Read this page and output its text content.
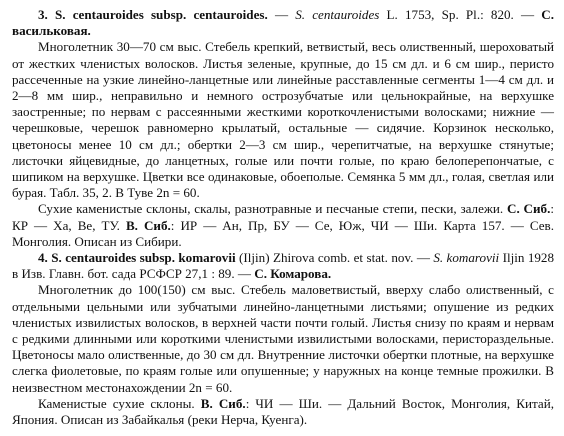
3. S. centauroides subsp. centauroides. — S. centauroides L. 1753, Sp. Pl.: 820. — С. васильковая.

Многолетник 30—70 см выс. Стебель крепкий, ветвистый, весь олиственный, шероховатый от жестких члениcтых волосков. Листья зеленые, крупные, до 15 см дл. и 6 см шир., перисто рассеченные на узкие линейно-ланцетные или линейные расставленные сегменты 1—4 см дл. и 2—8 мм шир., неправильно и немного острозубчатые или цельнокрайные, на верхушке заостренные; по нервам с рассеянными жесткими короткочлениcтыми волосками; нижние — черешковые, черешок равномерно крылатый, остальные — сидячие. Корзинок несколько, цветоносы менее 10 см дл.; обертки 2—3 см шир., черепитчатые, на верхушке стянутые; листочки яйцевидные, до ланцетных, голые или почти голые, по краю белоперепончатые, с шипиком на верхушке. Цветки все одинаковые, обоеполые. Семянка 5 мм дл., голая, светлая или бурая. Табл. 35, 2. В Туве 2n = 60.

Сухие каменистые склоны, скалы, разнотравные и песчаные степи, пески, залежи. С. Сиб.: КР — Ха, Ве, ТУ. В. Сиб.: ИР — Ан, Пр, БУ — Се, Юж, ЧИ — Ши. Карта 157. — Сев. Монголия. Описан из Сибири.

4. S. centauroides subsp. komarovii (Iljin) Zhirova comb. et stat. nov. — S. komarovii Iljin 1928 в Изв. Главн. бот. сада РСФСР 27,1 : 89. — С. Комарова.

Многолетник до 100(150) см выс. Стебель маловетвистый, вверху слабо олиственный, с отдельными цельными или зубчатыми линейно-ланцетными листьями; опушение из редких члениcтых извилистых волосков, в верхней части почти голый. Листья снизу по краям и нервам с редкими длинными или короткими члениcтыми извилистыми волосками, перистораздельные. Цветоносы мало олиственные, до 30 см дл. Внутренние листочки обертки плотные, на верхушке слегка фиолетовые, по краям голые или опушенные; у наружных на конце темные прожилки. В неизвестном местонахождении 2n = 60.

Каменистые сухие склоны. В. Сиб.: ЧИ — Ши. — Дальний Восток, Монголия, Китай, Япония. Описан из Забайкалья (реки Нерча, Куенга).
